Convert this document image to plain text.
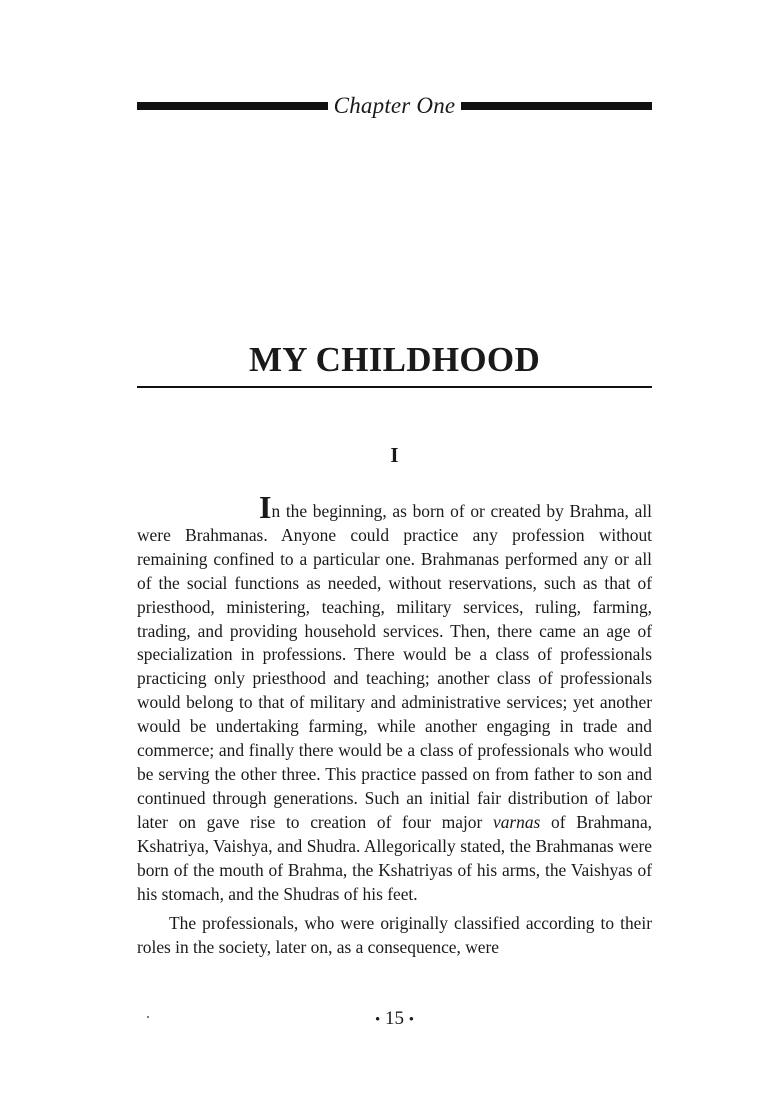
Chapter One
MY CHILDHOOD
I

In the beginning, as born of or created by Brahma, all were Brahmanas. Anyone could practice any profession without remaining confined to a particular one. Brahmanas performed any or all of the social functions as needed, without reservations, such as that of priesthood, ministering, teaching, military services, ruling, farming, trading, and providing household services. Then, there came an age of specialization in professions. There would be a class of professionals practicing only priesthood and teaching; another class of professionals would belong to that of military and administrative services; yet another would be undertaking farming, while another engaging in trade and commerce; and finally there would be a class of professionals who would be serving the other three. This practice passed on from father to son and continued through generations. Such an initial fair distribution of labor later on gave rise to creation of four major varnas of Brahmana, Kshatriya, Vaishya, and Shudra. Allegorically stated, the Brahmanas were born of the mouth of Brahma, the Kshatriyas of his arms, the Vaishyas of his stomach, and the Shudras of his feet.

The professionals, who were originally classified according to their roles in the society, later on, as a consequence, were

• 15 •
